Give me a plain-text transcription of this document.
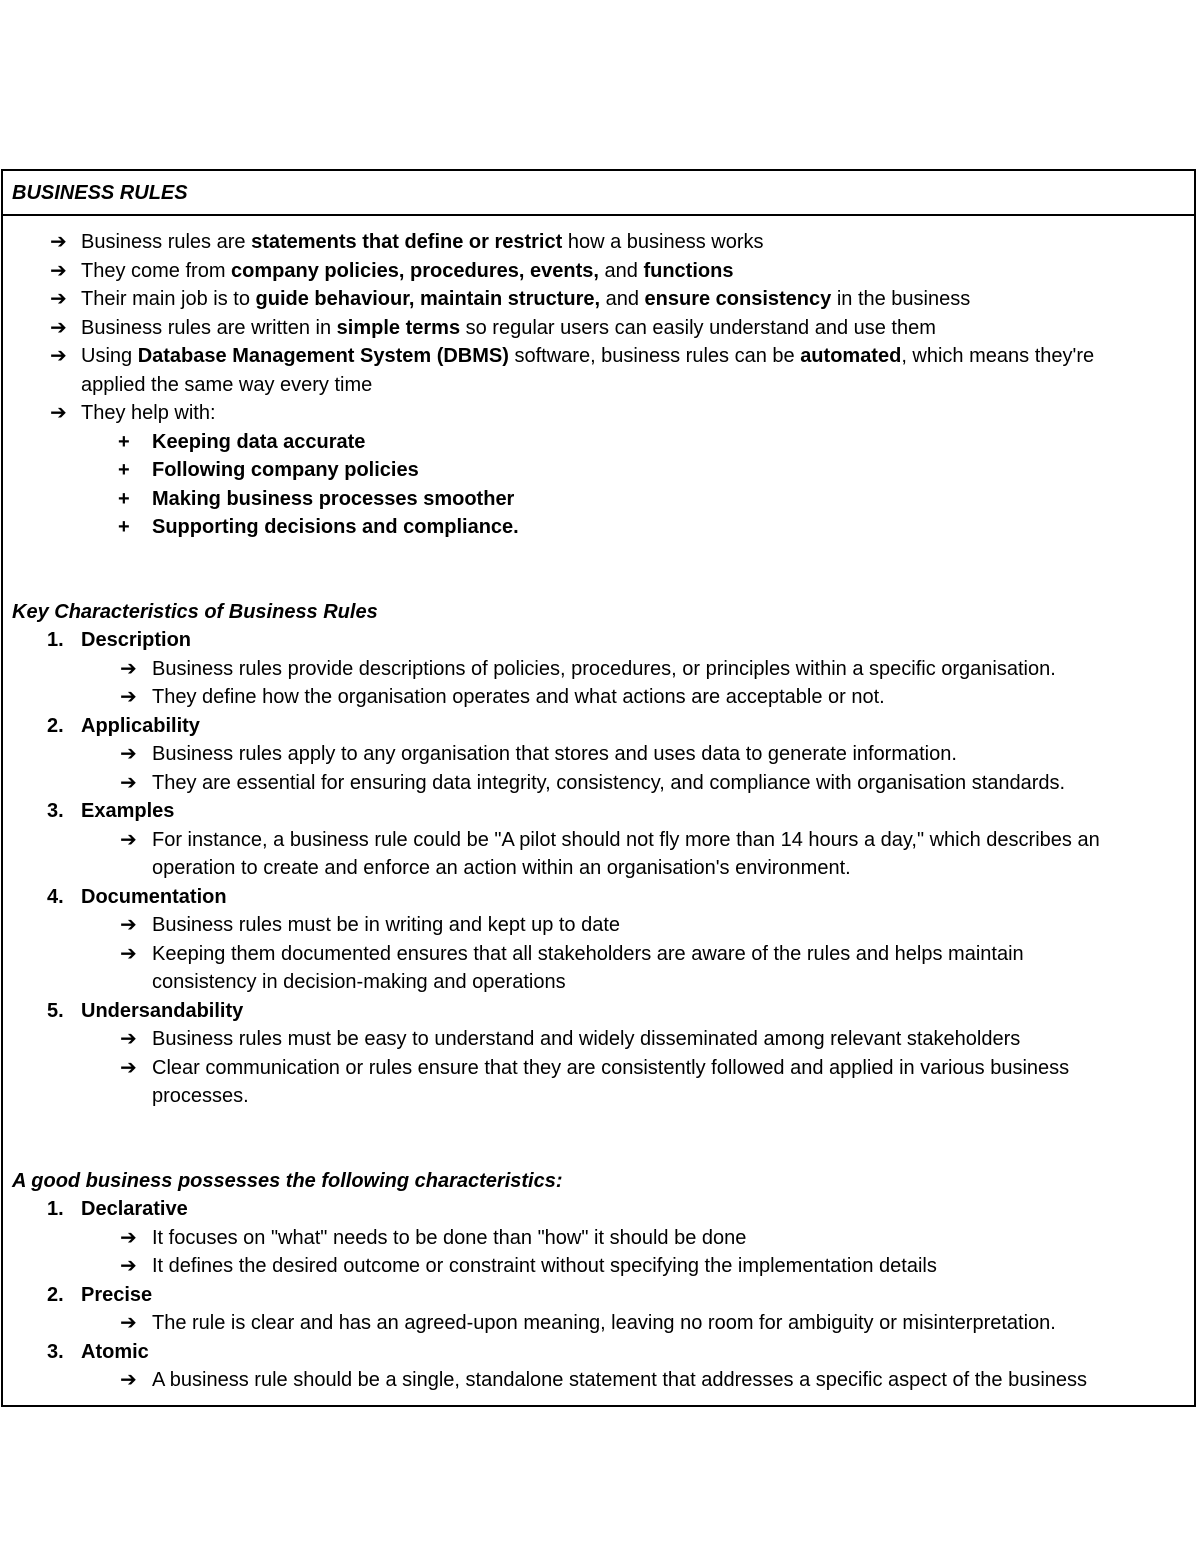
BUSINESS RULES
➔ Business rules are statements that define or restrict how a business works
➔ They come from company policies, procedures, events, and functions
➔ Their main job is to guide behaviour, maintain structure, and ensure consistency in the business
➔ Business rules are written in simple terms so regular users can easily understand and use them
➔ Using Database Management System (DBMS) software, business rules can be automated, which means they're
applied the same way every time
➔ They help with:
+ Keeping data accurate
+ Following company policies
+ Making business processes smoother
+ Supporting decisions and compliance.
Key Characteristics of Business Rules
1. Description
➔ Business rules provide descriptions of policies, procedures, or principles within a specific organisation.
➔ They define how the organisation operates and what actions are acceptable or not.
2. Applicability
➔ Business rules apply to any organisation that stores and uses data to generate information.
➔ They are essential for ensuring data integrity, consistency, and compliance with organisation standards.
3. Examples
➔ For instance, a business rule could be "A pilot should not fly more than 14 hours a day," which describes an
operation to create and enforce an action within an organisation's environment.
4. Documentation
➔ Business rules must be in writing and kept up to date
➔ Keeping them documented ensures that all stakeholders are aware of the rules and helps maintain
consistency in decision-making and operations
5. Undersandability
➔ Business rules must be easy to understand and widely disseminated among relevant stakeholders
➔ Clear communication or rules ensure that they are consistently followed and applied in various business
processes.
A good business possesses the following characteristics:
1. Declarative
➔ It focuses on "what" needs to be done than "how" it should be done
➔ It defines the desired outcome or constraint without specifying the implementation details
2. Precise
➔ The rule is clear and has an agreed-upon meaning, leaving no room for ambiguity or misinterpretation.
3. Atomic
➔ A business rule should be a single, standalone statement that addresses a specific aspect of the business
